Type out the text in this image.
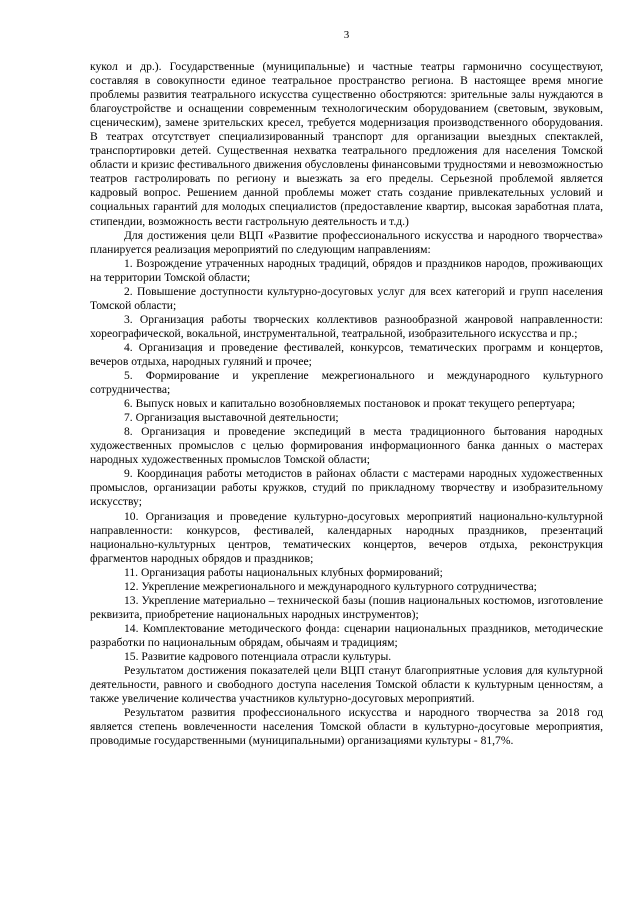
3

кукол и др.). Государственные (муниципальные) и частные театры гармонично сосуществуют, составляя в совокупности единое театральное пространство региона. В настоящее время многие проблемы развития театрального искусства существенно обостряются: зрительные залы нуждаются в благоустройстве и оснащении современным технологическим оборудованием (световым, звуковым, сценическим), замене зрительских кресел, требуется модернизация производственного оборудования. В театрах отсутствует специализированный транспорт для организации выездных спектаклей, транспортировки детей. Существенная нехватка театрального предложения для населения Томской области и кризис фестивального движения обусловлены финансовыми трудностями и невозможностью театров гастролировать по региону и выезжать за его пределы. Серьезной проблемой является кадровый вопрос. Решением данной проблемы может стать создание привлекательных условий и социальных гарантий для молодых специалистов (предоставление квартир, высокая заработная плата, стипендии, возможность вести гастрольную деятельность и т.д.)

Для достижения цели ВЦП «Развитие профессионального искусства и народного творчества» планируется реализация мероприятий по следующим направлениям:

1. Возрождение утраченных народных традиций, обрядов и праздников народов, проживающих на территории Томской области;

2. Повышение доступности культурно-досуговых услуг для всех категорий и групп населения Томской области;

3. Организация работы творческих коллективов разнообразной жанровой направленности: хореографической, вокальной, инструментальной, театральной, изобразительного искусства и пр.;

4. Организация и проведение фестивалей, конкурсов, тематических программ и концертов, вечеров отдыха, народных гуляний и прочее;

5. Формирование и укрепление межрегионального и международного культурного сотрудничества;

6. Выпуск новых и капитально возобновляемых постановок и прокат текущего репертуара;

7. Организация выставочной деятельности;

8. Организация и проведение экспедиций в места традиционного бытования народных художественных промыслов с целью формирования информационного банка данных о мастерах народных художественных промыслов Томской области;

9. Координация работы методистов в районах области с мастерами народных художественных промыслов, организации работы кружков, студий по прикладному творчеству и изобразительному искусству;

10. Организация и проведение культурно-досуговых мероприятий национально-культурной направленности: конкурсов, фестивалей, календарных народных праздников, презентаций национально-культурных центров, тематических концертов, вечеров отдыха, реконструкция фрагментов народных обрядов и праздников;

11. Организация работы национальных клубных формирований;

12. Укрепление межрегионального и международного культурного сотрудничества;

13. Укрепление материально – технической базы (пошив национальных костюмов, изготовление реквизита, приобретение национальных народных инструментов);

14. Комплектование методического фонда: сценарии национальных праздников, методические разработки по национальным обрядам, обычаям и традициям;

15. Развитие кадрового потенциала отрасли культуры.

Результатом достижения показателей цели ВЦП станут благоприятные условия для культурной деятельности, равного и свободного доступа населения Томской области к культурным ценностям, а также увеличение количества участников культурно-досуговых мероприятий.

Результатом развития профессионального искусства и народного творчества за 2018 год является степень вовлеченности населения Томской области в культурно-досуговые мероприятия, проводимые государственными (муниципальными) организациями культуры - 81,7%.
